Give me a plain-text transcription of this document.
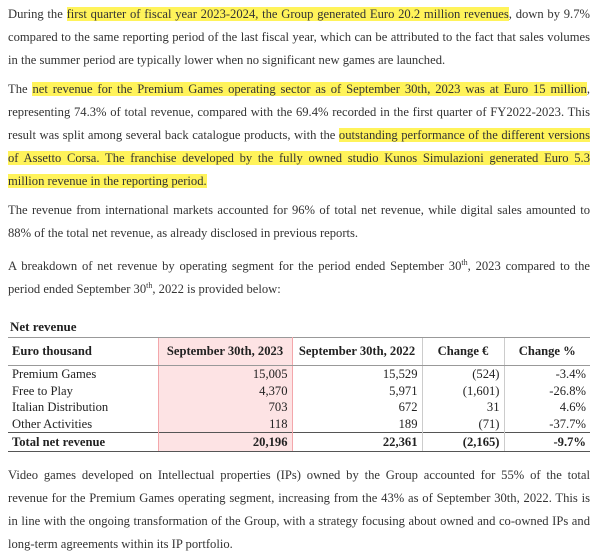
During the first quarter of fiscal year 2023-2024, the Group generated Euro 20.2 million revenues, down by 9.7% compared to the same reporting period of the last fiscal year, which can be attributed to the fact that sales volumes in the summer period are typically lower when no significant new games are launched.

The net revenue for the Premium Games operating sector as of September 30th, 2023 was at Euro 15 million, representing 74.3% of total revenue, compared with the 69.4% recorded in the first quarter of FY2022-2023. This result was split among several back catalogue products, with the outstanding performance of the different versions of Assetto Corsa. The franchise developed by the fully owned studio Kunos Simulazioni generated Euro 5.3 million revenue in the reporting period.

The revenue from international markets accounted for 96% of total net revenue, while digital sales amounted to 88% of the total net revenue, as already disclosed in previous reports.

A breakdown of net revenue by operating segment for the period ended September 30th, 2023 compared to the period ended September 30th, 2022 is provided below:

Net revenue
Euro thousand	September 30th, 2023	September 30th, 2022	Change €	Change %
Premium Games	15,005	15,529	(524)	-3.4%
Free to Play	4,370	5,971	(1,601)	-26.8%
Italian Distribution	703	672	31	4.6%
Other Activities	118	189	(71)	-37.7%
Total net revenue	20,196	22,361	(2,165)	-9.7%

Video games developed on Intellectual properties (IPs) owned by the Group accounted for 55% of the total revenue for the Premium Games operating segment, increasing from the 43% as of September 30th, 2022. This is in line with the ongoing transformation of the Group, with a strategy focusing about owned and co-owned IPs and long-term agreements within its IP portfolio.
